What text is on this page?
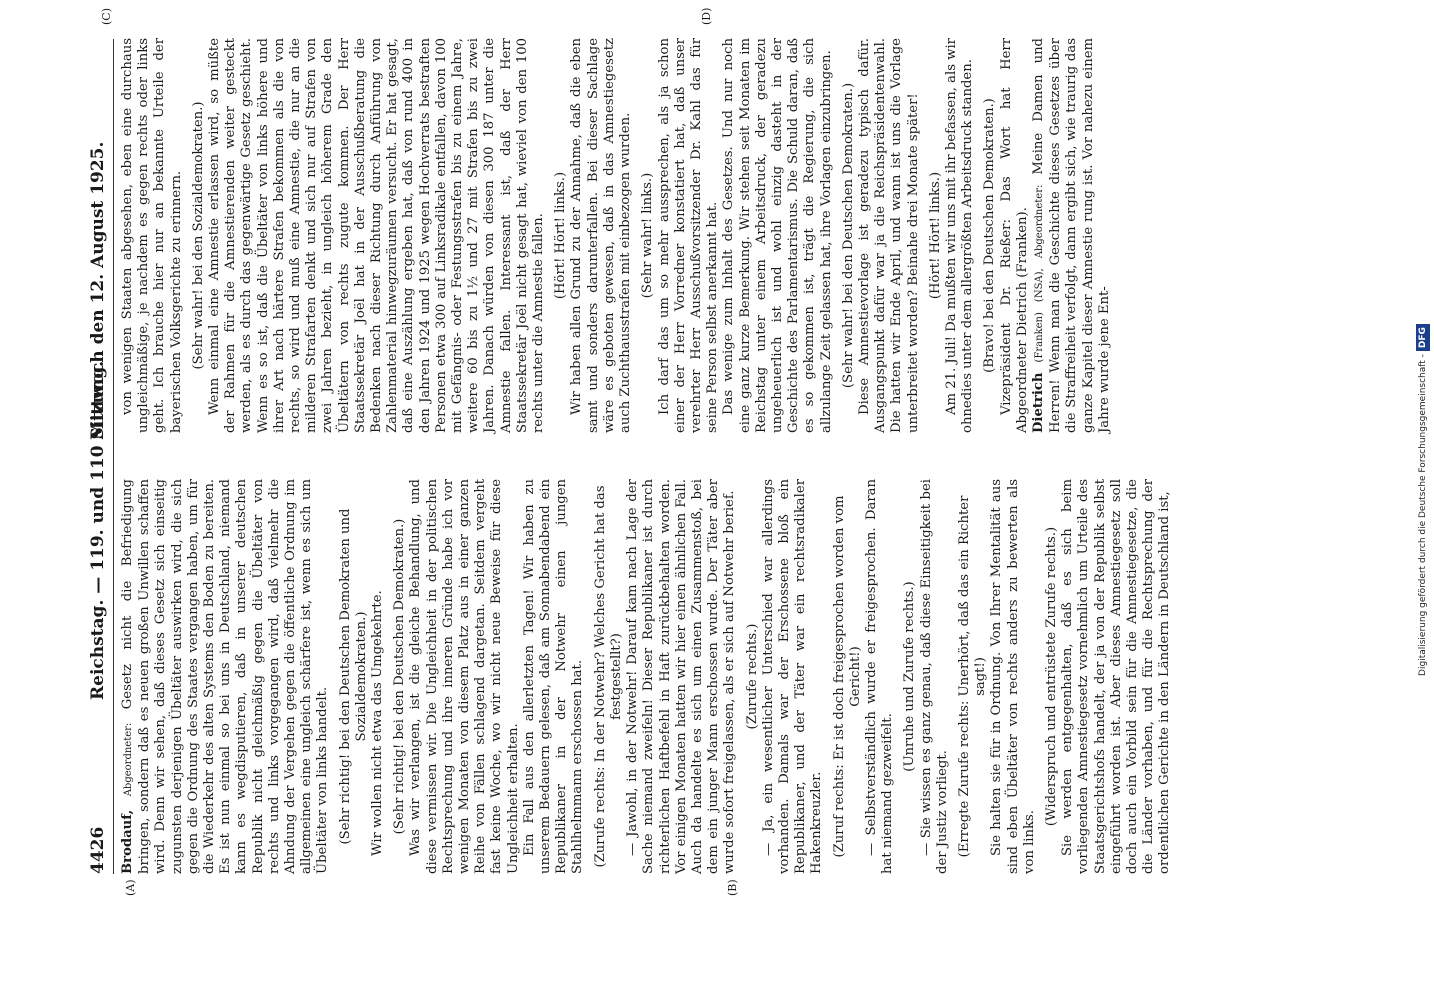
(A)	(B)
(C)	(D)
4426
Reichstag. — 119. und 110 Sitzung.
Mittwoch den 12. August 1925.

Brodauf, Abgeordneter: Gesetz nicht die Befriedigung bringen, sondern daß es neuen großen Unwillen schaffen wird. Denn wir sehen, daß dieses Gesetz sich einseitig zugunsten derjenigen Übeltäter auswirken wird, die sich gegen die Ordnung des Staates vergangen haben, um für die Wiederkehr des alten Systems den Boden zu bereiten. Es ist nun einmal so bei uns in Deutschland, niemand kann es wegdisputieren, daß in unserer deutschen Republik nicht gleichmäßig gegen die Übeltäter von rechts und links vorgegangen wird, daß vielmehr die Ahndung der Vergehen gegen die öffentliche Ordnung im allgemeinen eine ungleich schärfere ist, wenn es sich um Übeltäter von links handelt. (Sehr richtig! bei den Deutschen Demokraten und Sozialdemokraten.) Wir wollen nicht etwa das Umgekehrte. (Sehr richtig! bei den Deutschen Demokraten.) Was wir verlangen, ist die gleiche Behandlung, und diese vermissen wir. Die Ungleichheit in der politischen Rechtsprechung und ihre inneren Gründe habe ich vor wenigen Monaten von diesem Platz aus in einer ganzen Reihe von Fällen schlagend dargetan. Seitdem vergeht fast keine Woche, wo wir nicht neue Beweise für diese Ungleichheit erhalten. Ein Fall aus den allerletzten Tagen! Wir haben zu unserem Bedauern gelesen, daß am Sonnabendabend ein Republikaner in der Notwehr einen jungen Stahlhelmmann erschossen hat. (Zurufe rechts: In der Notwehr? Welches Gericht hat das festgestellt?) — Jawohl, in der Notwehr! Darauf kam nach Lage der Sache niemand zweifeln! Dieser Republikaner ist durch richterlichen Haftbefehl in Haft zurückbehalten worden. Vor einigen Monaten hatten wir hier einen ähnlichen Fall. Auch da handelte es sich um einen Zusammenstoß, bei dem ein junger Mann erschossen wurde. Der Täter aber wurde sofort freigelassen, als er sich auf Notwehr berief. (Zurufe rechts.) — Ja, ein wesentlicher Unterschied war allerdings vorhanden. Damals war der Erschossene bloß ein Republikaner, und der Täter war ein rechtsradikaler Hakenkreuzler. (Zuruf rechts: Er ist doch freigesprochen worden vom Gericht!) — Selbstverständlich wurde er freigesprochen. Daran hat niemand gezweifelt.

(Unruhe und Zurufe rechts.) — Sie wissen es ganz genau, daß diese Einseitigkeit bei der Justiz vorliegt. (Erregte Zurufe rechts: Unerhört, daß das ein Richter sagt!) Sie halten sie für in Ordnung. Von Ihrer Mentalität aus sind eben Übeltäter von rechts anders zu bewerten als von links.

(Widerspruch und entrüstete Zurufe rechts.) Sie werden entgegenhalten, daß es sich beim vorliegenden Amnestiegesetz vornehmlich um Urteile des Staatsgerichtshofs handelt, der ja von der Republik selbst eingeführt worden ist. Aber dieses Amnestiegesetz soll doch auch ein Vorbild sein für die Amnestiegesetze, die die Länder vorhaben, und für die Rechtsprechung der ordentlichen Gerichte in den Ländern in Deutschland ist,

von wenigen Staaten abgesehen, eben eine durchaus ungleichmäßige, je nachdem es gegen rechts oder links geht. Ich brauche hier nur an bekannte Urteile der bayerischen Volksgerichte zu erinnern. (Sehr wahr! bei den Sozialdemokraten.) Wenn einmal eine Amnestie erlassen wird, so müßte der Rahmen für die Amnestierenden weiter gesteckt werden, als es durch das gegenwärtige Gesetz geschieht. Wenn es so ist, daß die Übeltäter von links höhere und ihrer Art nach härtere Strafen bekommen als die von rechts, so wird und muß eine Amnestie, die nur an die milderen Strafarten denkt und sich nur auf Strafen von zwei Jahren bezieht, in ungleich höherem Grade den Übeltätern von rechts zugute kommen. Der Herr Staatssekretär Joël hat in der Ausschußberatung die Bedenken nach dieser Richtung durch Anführung von Zahlenmaterial hinwegzuräumen versucht. Er hat gesagt, daß eine Auszählung ergeben hat, daß von rund 400 in den Jahren 1924 und 1925 wegen Hochverrats bestraften Personen etwa 300 auf Linksradikale entfallen, davon 100 mit Gefängnis- oder Festungsstrafen bis zu einem Jahre, weitere 60 bis zu 1½ und 27 mit Strafen bis zu zwei Jahren. Danach würden von diesen 300 187 unter die Amnestie fallen. Interessant ist, daß der Herr Staatssekretär Joël nicht gesagt hat, wieviel von den 100 rechts unter die Amnestie fallen. (Hört! Hört! links.) Wir haben allen Grund zu der Annahme, daß die eben samt und sonders darunterfallen. Bei dieser Sachlage wäre es geboten gewesen, daß in das Amnestiegesetz auch Zuchthausstrafen mit einbezogen wurden. (Sehr wahr! links.) Ich darf das um so mehr aussprechen, als ja schon einer der Herr Vorredner konstatiert hat, daß unser verehrter Herr Ausschußvorsitzender Dr. Kahl das für seine Person selbst anerkannt hat. Das wenige zum Inhalt des Gesetzes. Und nur noch eine ganz kurze Bemerkung. Wir stehen seit Monaten im Reichstag unter einem Arbeitsdruck, der geradezu ungeheuerlich ist und wohl einzig dasteht in der Geschichte des Parlamentarismus. Die Schuld daran, daß es so gekommen ist, trägt die Regierung, die sich allzulange Zeit gelassen hat, ihre Vorlagen einzubringen. (Sehr wahr! bei den Deutschen Demokraten.) Diese Amnestievorlage ist geradezu typisch dafür. Ausgangspunkt dafür war ja die Reichspräsidentenwahl. Die hatten wir Ende April, und wann ist uns die Vorlage unterbreitet worden? Beinahe drei Monate später! (Hört! Hört! links.) Am 21. Juli! Da mußten wir uns mit ihr befassen, als wir ohnedies unter dem allergrößten Arbeitsdruck standen. (Bravo! bei den Deutschen Demokraten.) Vizepräsident Dr. Rießer: Das Wort hat Herr Abgeordneter Dietrich (Franken). Dietrich (Franken) (NSA), Abgeordneter: Meine Damen und Herren! Wenn man die Geschichte dieses Gesetzes über die Straffreiheit verfolgt, dann ergibt sich, wie traurig das ganze Kapitel dieser Amnestie rung ist. Vor nahezu einem Jahre wurde jene Ent-	Digitalisierung gefördert durch die Deutsche Forschungsgemeinschaft -DFG
